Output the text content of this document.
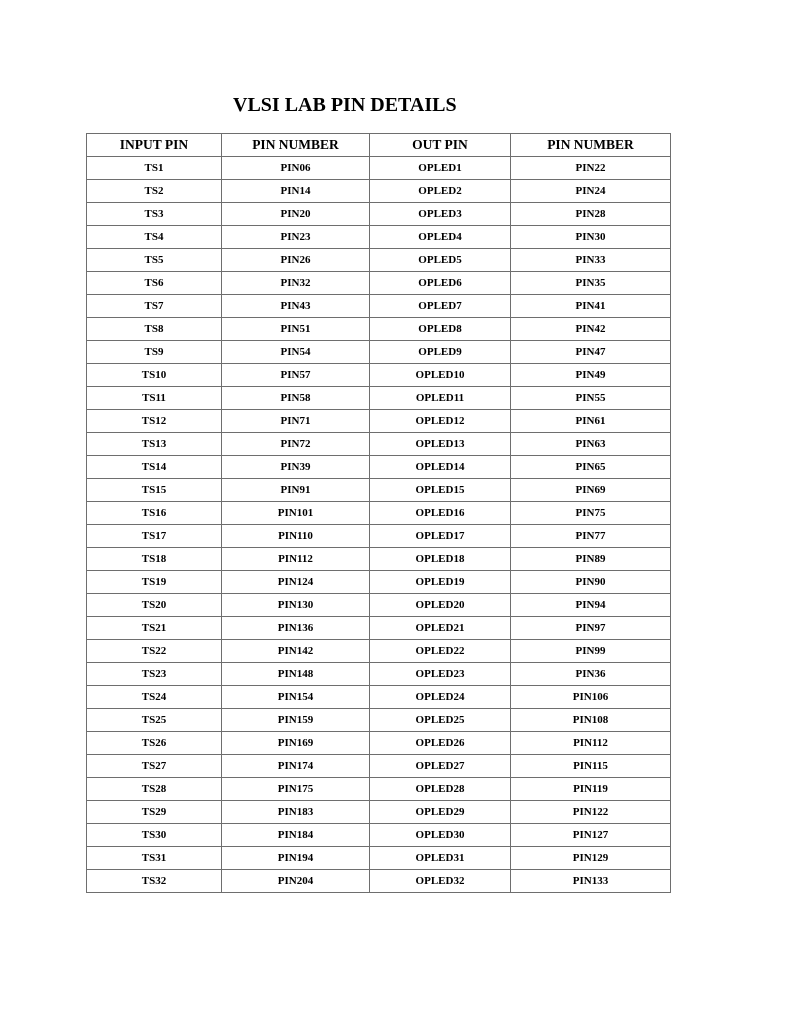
VLSI LAB PIN DETAILS
INPUT PIN	PIN NUMBER	OUT PIN	PIN NUMBER
TS1	PIN06	OPLED1	PIN22
TS2	PIN14	OPLED2	PIN24
TS3	PIN20	OPLED3	PIN28
TS4	PIN23	OPLED4	PIN30
TS5	PIN26	OPLED5	PIN33
TS6	PIN32	OPLED6	PIN35
TS7	PIN43	OPLED7	PIN41
TS8	PIN51	OPLED8	PIN42
TS9	PIN54	OPLED9	PIN47
TS10	PIN57	OPLED10	PIN49
TS11	PIN58	OPLED11	PIN55
TS12	PIN71	OPLED12	PIN61
TS13	PIN72	OPLED13	PIN63
TS14	PIN39	OPLED14	PIN65
TS15	PIN91	OPLED15	PIN69
TS16	PIN101	OPLED16	PIN75
TS17	PIN110	OPLED17	PIN77
TS18	PIN112	OPLED18	PIN89
TS19	PIN124	OPLED19	PIN90
TS20	PIN130	OPLED20	PIN94
TS21	PIN136	OPLED21	PIN97
TS22	PIN142	OPLED22	PIN99
TS23	PIN148	OPLED23	PIN36
TS24	PIN154	OPLED24	PIN106
TS25	PIN159	OPLED25	PIN108
TS26	PIN169	OPLED26	PIN112
TS27	PIN174	OPLED27	PIN115
TS28	PIN175	OPLED28	PIN119
TS29	PIN183	OPLED29	PIN122
TS30	PIN184	OPLED30	PIN127
TS31	PIN194	OPLED31	PIN129
TS32	PIN204	OPLED32	PIN133
